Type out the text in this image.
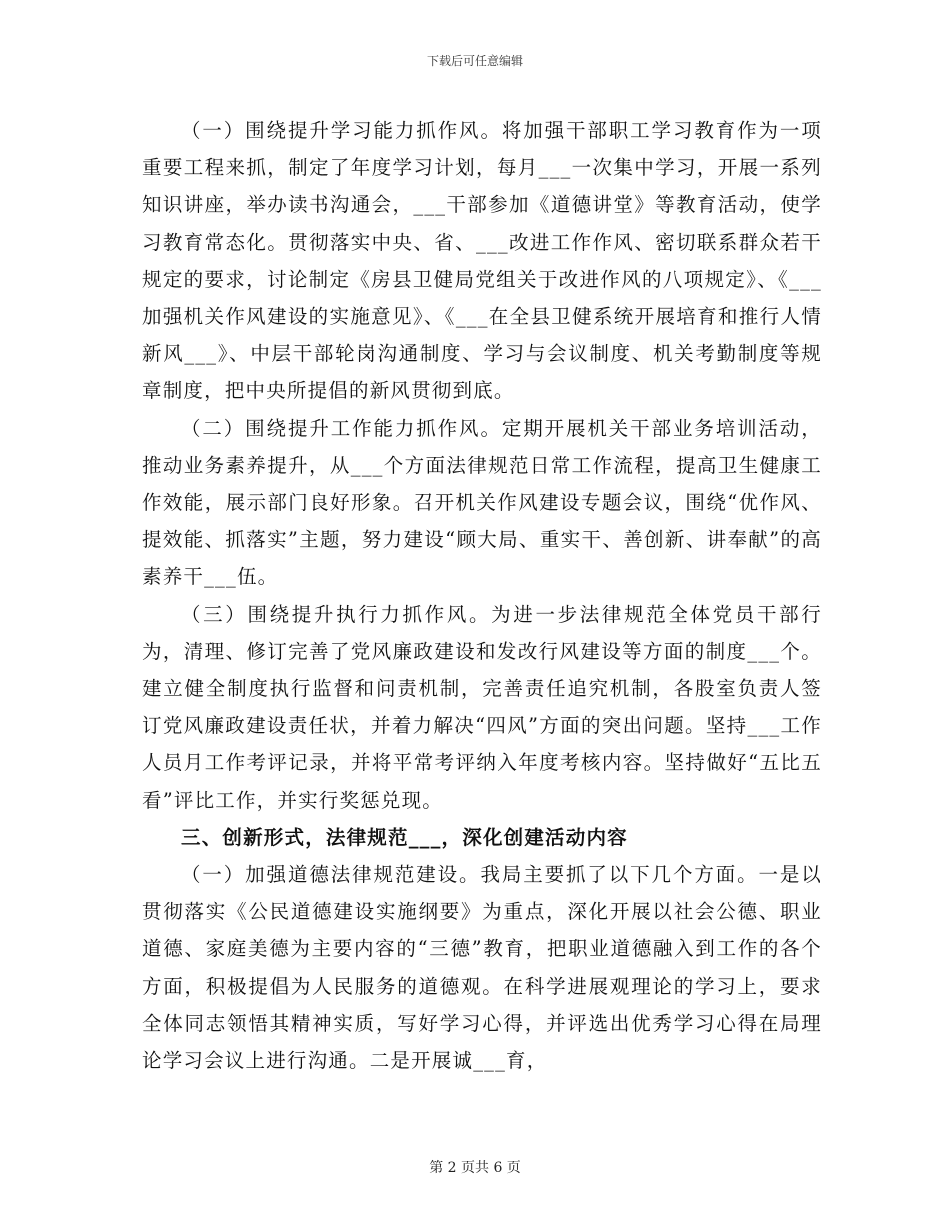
下载后可任意编辑

（一）围绕提升学习能力抓作风。将加强干部职工学习教育作为一项重要工程来抓，制定了年度学习计划，每月___一次集中学习，开展一系列知识讲座，举办读书沟通会，___干部参加《道德讲堂》等教育活动，使学习教育常态化。贯彻落实中央、省、___改进工作作风、密切联系群众若干规定的要求，讨论制定《房县卫健局党组关于改进作风的八项规定》、《___加强机关作风建设的实施意见》、《___在全县卫健系统开展培育和推行人情新风___》、中层干部轮岗沟通制度、学习与会议制度、机关考勤制度等规章制度，把中央所提倡的新风贯彻到底。

（二）围绕提升工作能力抓作风。定期开展机关干部业务培训活动，推动业务素养提升，从___个方面法律规范日常工作流程，提高卫生健康工作效能，展示部门良好形象。召开机关作风建设专题会议，围绕“优作风、提效能、抓落实”主题，努力建设“顾大局、重实干、善创新、讲奉献”的高素养干___伍。

（三）围绕提升执行力抓作风。为进一步法律规范全体党员干部行为，清理、修订完善了党风廉政建设和发改行风建设等方面的制度___个。建立健全制度执行监督和问责机制，完善责任追究机制，各股室负责人签订党风廉政建设责任状，并着力解决“四风”方面的突出问题。坚持___工作人员月工作考评记录，并将平常考评纳入年度考核内容。坚持做好“五比五看”评比工作，并实行奖惩兑现。

三、创新形式，法律规范___，深化创建活动内容

（一）加强道德法律规范建设。我局主要抓了以下几个方面。一是以贯彻落实《公民道德建设实施纲要》为重点，深化开展以社会公德、职业道德、家庭美德为主要内容的“三德”教育，把职业道德融入到工作的各个方面，积极提倡为人民服务的道德观。在科学进展观理论的学习上，要求全体同志领悟其精神实质，写好学习心得，并评选出优秀学习心得在局理论学习会议上进行沟通。二是开展诚___育，

第 2 页共 6 页
